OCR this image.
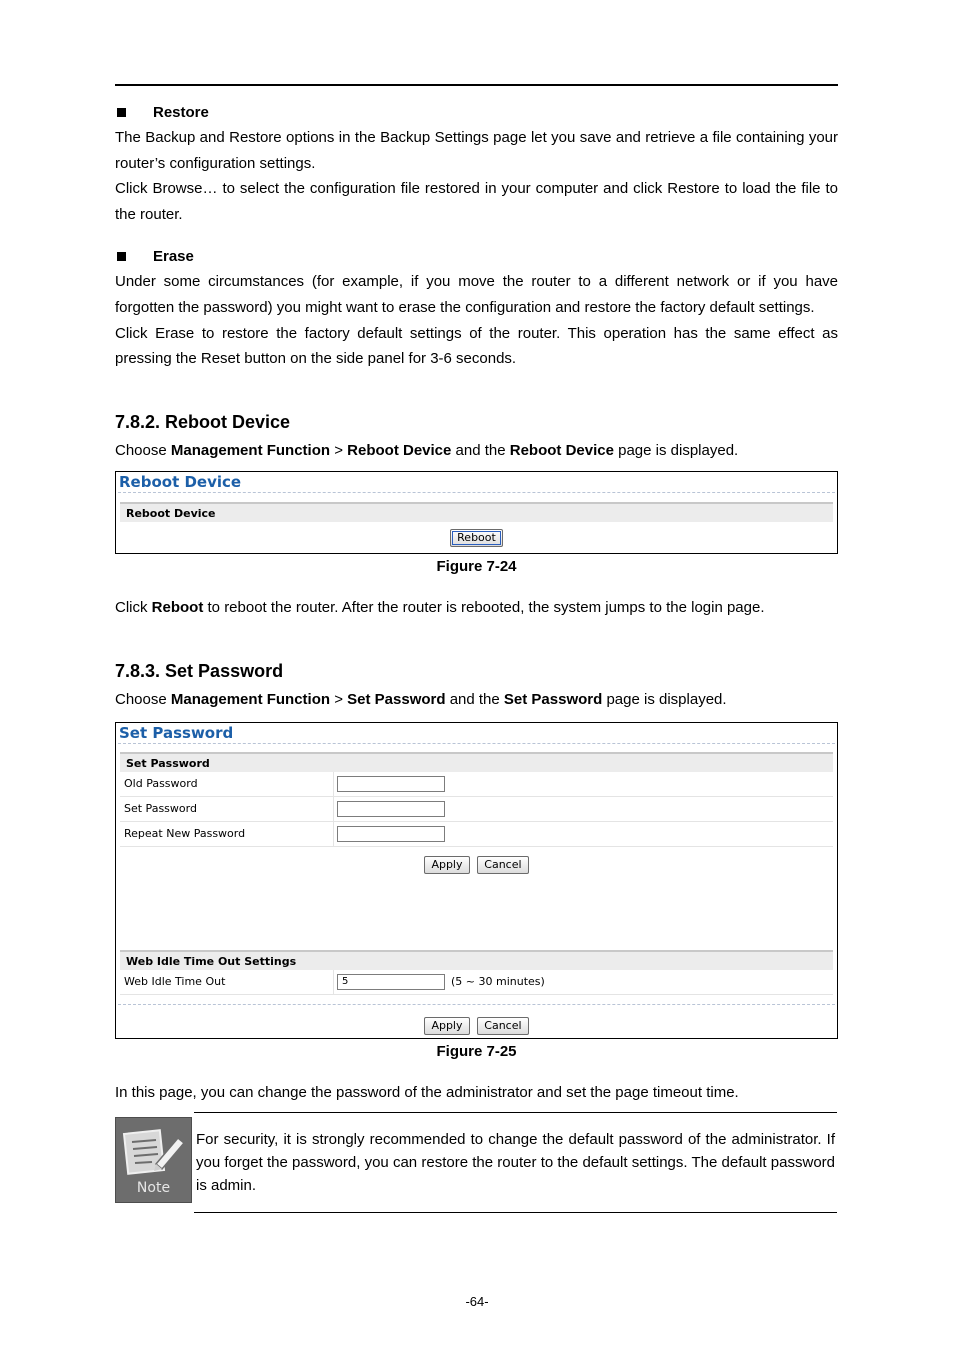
Restore

The Backup and Restore options in the Backup Settings page let you save and retrieve a file containing your router’s configuration settings.

Click Browse… to select the configuration file restored in your computer and click Restore to load the file to the router.

Erase

Under some circumstances (for example, if you move the router to a different network or if you have forgotten the password) you might want to erase the configuration and restore the factory default settings.

Click Erase to restore the factory default settings of the router. This operation has the same effect as pressing the Reset button on the side panel for 3-6 seconds.

7.8.2. Reboot Device

Choose Management Function > Reboot Device and the Reboot Device page is displayed.

Reboot Device
Reboot Device
Reboot
Figure 7-24

Click Reboot to reboot the router. After the router is rebooted, the system jumps to the login page.

7.8.3. Set Password

Choose Management Function > Set Password and the Set Password page is displayed.

Set Password
Set Password
Old Password
Set Password
Repeat New Password
Apply Cancel
Web Idle Time Out Settings
Web Idle Time Out
5	(5 ~ 30 minutes)
Apply Cancel
Figure 7-25

In this page, you can change the password of the administrator and set the page timeout time.

Note
For security, it is strongly recommended to change the default password of the administrator. If you forget the password, you can restore the router to the default settings. The default password is admin.
-64-
